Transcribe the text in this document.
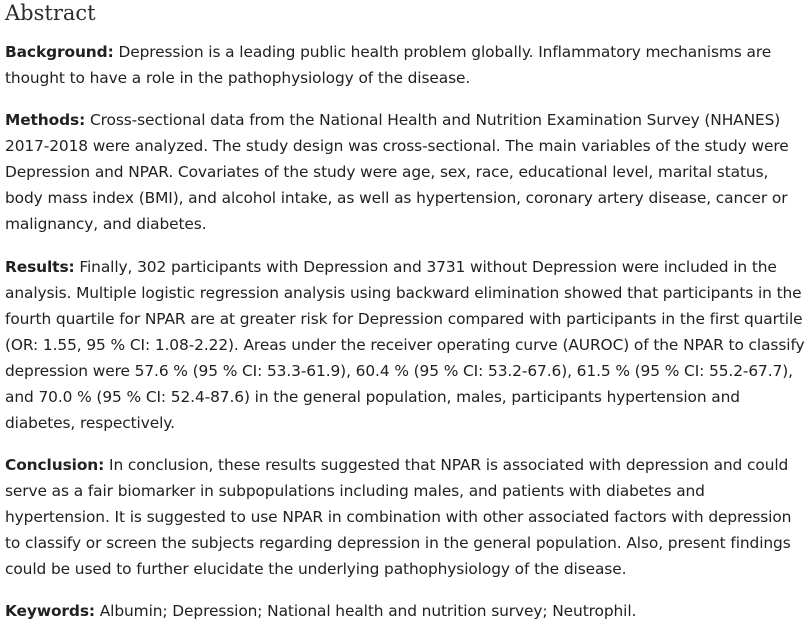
Abstract

Background: Depression is a leading public health problem globally. Inflammatory mechanisms are thought to have a role in the pathophysiology of the disease.

Methods: Cross-sectional data from the National Health and Nutrition Examination Survey (NHANES) 2017-2018 were analyzed. The study design was cross-sectional. The main variables of the study were Depression and NPAR. Covariates of the study were age, sex, race, educational level, marital status, body mass index (BMI), and alcohol intake, as well as hypertension, coronary artery disease, cancer or malignancy, and diabetes.

Results: Finally, 302 participants with Depression and 3731 without Depression were included in the analysis. Multiple logistic regression analysis using backward elimination showed that participants in the fourth quartile for NPAR are at greater risk for Depression compared with participants in the first quartile (OR: 1.55, 95 % CI: 1.08-2.22). Areas under the receiver operating curve (AUROC) of the NPAR to classify depression were 57.6 % (95 % CI: 53.3-61.9), 60.4 % (95 % CI: 53.2-67.6), 61.5 % (95 % CI: 55.2-67.7), and 70.0 % (95 % CI: 52.4-87.6) in the general population, males, participants hypertension and diabetes, respectively.

Conclusion: In conclusion, these results suggested that NPAR is associated with depression and could serve as a fair biomarker in subpopulations including males, and patients with diabetes and hypertension. It is suggested to use NPAR in combination with other associated factors with depression to classify or screen the subjects regarding depression in the general population. Also, present findings could be used to further elucidate the underlying pathophysiology of the disease.

Keywords: Albumin; Depression; National health and nutrition survey; Neutrophil.
